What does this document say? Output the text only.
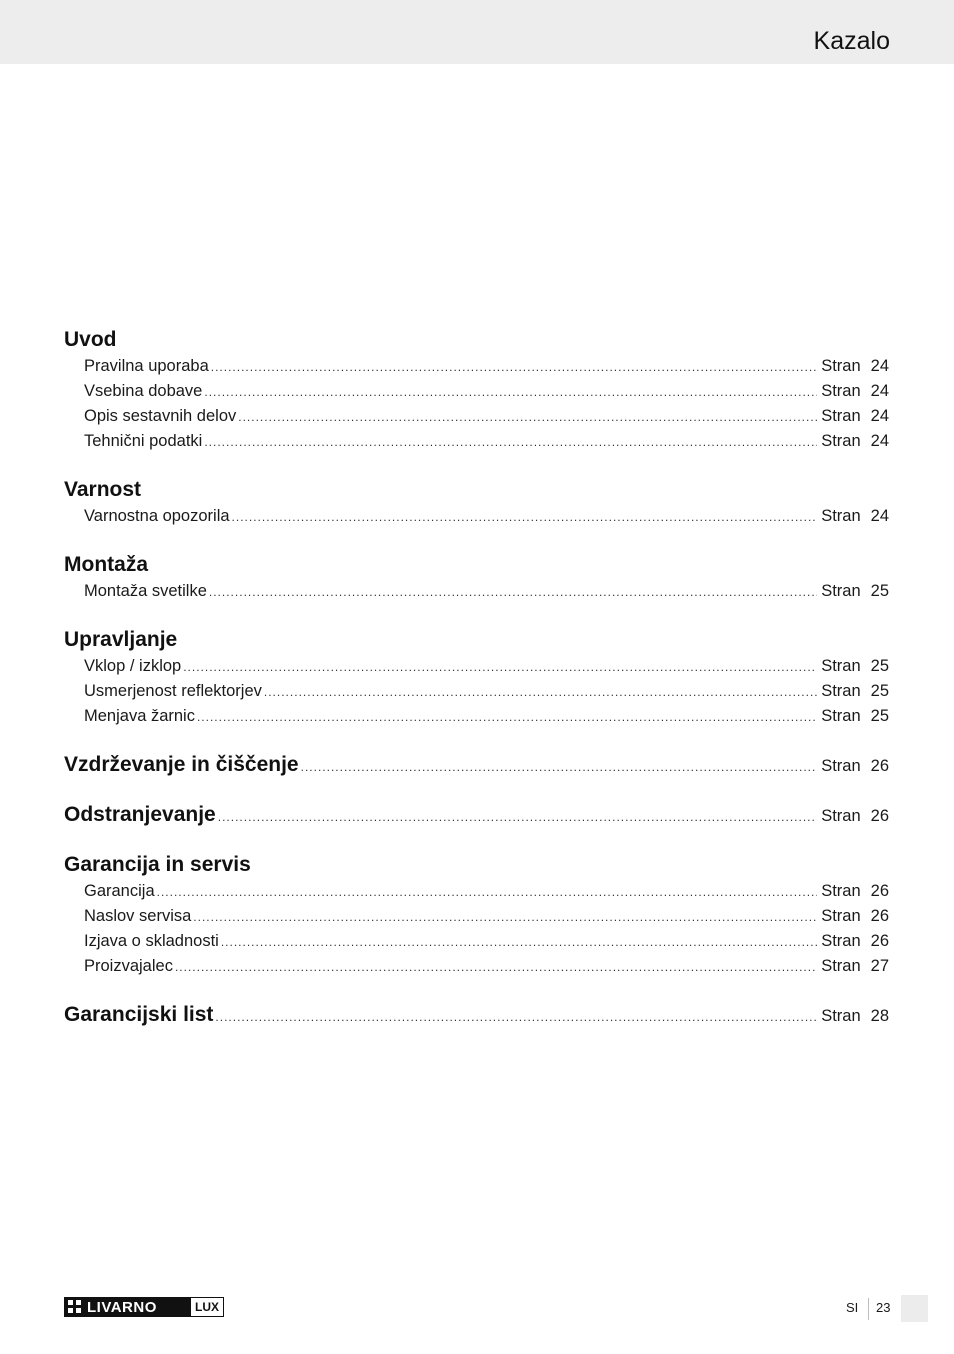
Kazalo
Uvod
Pravilna uporaba .....	Stran 24
Vsebina dobave .....	Stran 24
Opis sestavnih delov .....	Stran 24
Tehnični podatki .....	Stran 24
Varnost
Varnostna opozorila .....	Stran 24
Montaža
Montaža svetilke .....	Stran 25
Upravljanje
Vklop / izklop .....	Stran 25
Usmerjenost reflektorjev .....	Stran 25
Menjava žarnic .....	Stran 25
Vzdrževanje in čiščenje .....	Stran 26
Odstranjevanje .....	Stran 26
Garancija in servis
Garancija .....	Stran 26
Naslov servisa .....	Stran 26
Izjava o skladnosti .....	Stran 26
Proizvajalec .....	Stran 27
Garancijski list .....	Stran 28
LIVARNO	LUX	SI 23
